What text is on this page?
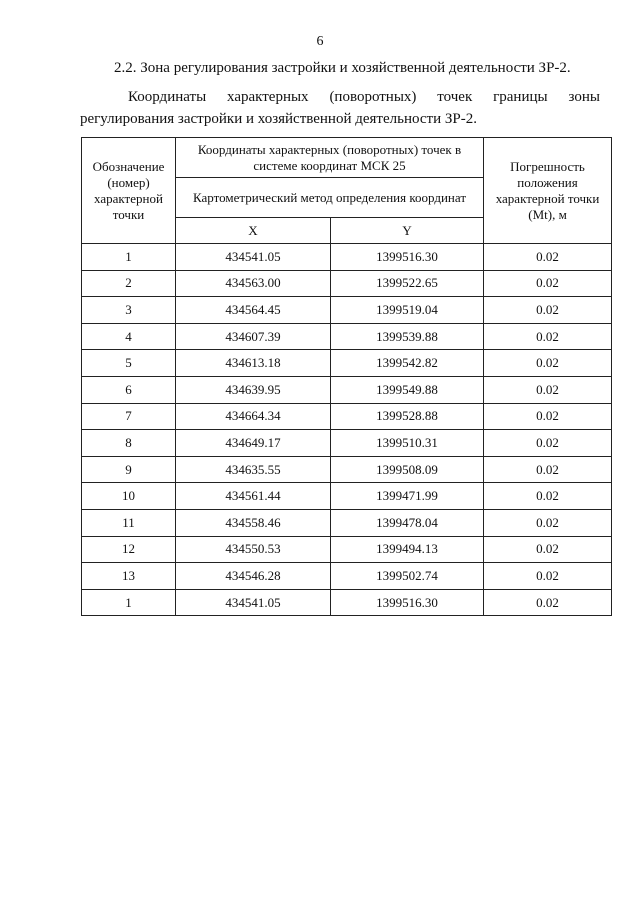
6
2.2. Зона регулирования застройки и хозяйственной деятельности ЗР-2.
Координаты характерных (поворотных) точек границы зоны
регулирования застройки и хозяйственной деятельности ЗР-2.
Обозначение (номер) характерной точки	Координаты характерных (поворотных) точек в системе координат МСК 25		Погрешность положения характерной точки (Mt), м
	Картометрический метод определения координат		
	X	Y	
1	434541.05	1399516.30	0.02
2	434563.00	1399522.65	0.02
3	434564.45	1399519.04	0.02
4	434607.39	1399539.88	0.02
5	434613.18	1399542.82	0.02
6	434639.95	1399549.88	0.02
7	434664.34	1399528.88	0.02
8	434649.17	1399510.31	0.02
9	434635.55	1399508.09	0.02
10	434561.44	1399471.99	0.02
11	434558.46	1399478.04	0.02
12	434550.53	1399494.13	0.02
13	434546.28	1399502.74	0.02
1	434541.05	1399516.30	0.02
